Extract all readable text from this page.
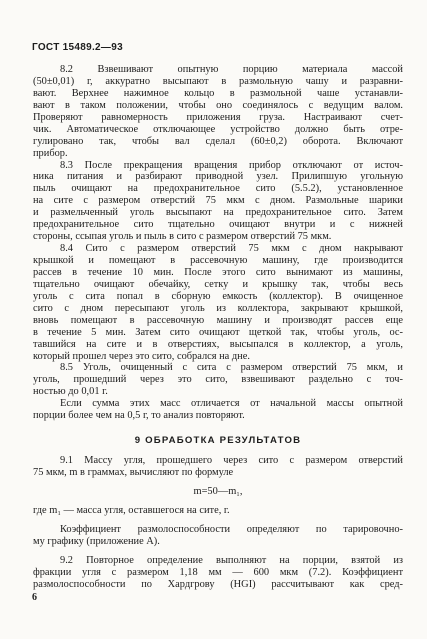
ГОСТ 15489.2—93
8.2 Взвешивают опытную порцию материала массой
(50±0,01) г, аккуратно высыпают в размольную чашу и разравни-
вают. Верхнее нажимное кольцо в размольной чаше устанавли-
вают в таком положении, чтобы оно соединялось с ведущим валом.
Проверяют равномерность приложения груза. Настраивают счет-
чик. Автоматическое отключающее устройство должно быть отре-
гулировано так, чтобы вал сделал (60±0,2) оборота. Включают
прибор.
8.3 После прекращения вращения прибор отключают от источ-
ника питания и разбирают приводной узел. Прилипшую угольную
пыль очищают на предохранительное сито (5.5.2), установленное
на сите с размером отверстий 75 мкм с дном. Размольные шарики
и размельченный уголь высыпают на предохранительное сито. Затем
предохранительное сито тщательно очищают внутри и с нижней
стороны, ссыпая уголь и пыль в сито с размером отверстий 75 мкм.
8.4 Сито с размером отверстий 75 мкм с дном накрывают
крышкой и помещают в рассевочную машину, где производится
рассев в течение 10 мин. После этого сито вынимают из машины,
тщательно очищают обечайку, сетку и крышку так, чтобы весь
уголь с сита попал в сборную емкость (коллектор). В очищенное
сито с дном пересыпают уголь из коллектора, закрывают крышкой,
вновь помещают в рассевочную машину и производят рассев еще
в течение 5 мин. Затем сито очищают щеткой так, чтобы уголь, ос-
тавшийся на сите и в отверстиях, высыпался в коллектор, а уголь,
который прошел через это сито, собрался на дне.
8.5 Уголь, очищенный с сита с размером отверстий 75 мкм, и
уголь, прошедший через это сито, взвешивают раздельно с точ-
ностью до 0,01 г.
Если сумма этих масс отличается от начальной массы опытной
порции более чем на 0,5 г, то анализ повторяют.
9 ОБРАБОТКА РЕЗУЛЬТАТОВ
9.1 Массу угля, прошедшего через сито с размером отверстий
75 мкм, m в граммах, вычисляют по формуле
m=50—m₁,
где m₁ — масса угля, оставшегося на сите, г.
Коэффициент размолоспособности определяют по тарировочно-
му графику (приложение А).
9.2 Повторное определение выполняют на порции, взятой из
фракции угля с размером 1,18 мм — 600 мкм (7.2). Коэффициент
размолоспособности по Хардгрову (HGI) рассчитывают как сред-
6
